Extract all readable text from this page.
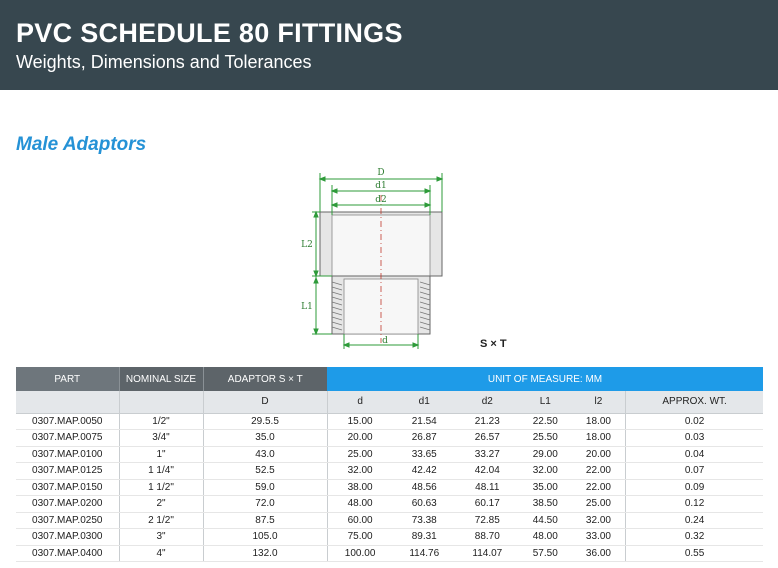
PVC SCHEDULE 80 FITTINGS
Weights, Dimensions and Tolerances
Male Adaptors
D
d1
d2
L2
L1
d	S × T
PART	NOMINAL SIZE	ADAPTOR S × T	UNIT OF MEASURE: MM					
		D	d	d1	d2	L1	l2	APPROX. WT.
0307.MAP.0050	1/2"	29.5.5	15.00	21.54	21.23	22.50	18.00	0.02
0307.MAP.0075	3/4"	35.0	20.00	26.87	26.57	25.50	18.00	0.03
0307.MAP.0100	1"	43.0	25.00	33.65	33.27	29.00	20.00	0.04
0307.MAP.0125	1 1/4"	52.5	32.00	42.42	42.04	32.00	22.00	0.07
0307.MAP.0150	1 1/2"	59.0	38.00	48.56	48.11	35.00	22.00	0.09
0307.MAP.0200	2"	72.0	48.00	60.63	60.17	38.50	25.00	0.12
0307.MAP.0250	2 1/2"	87.5	60.00	73.38	72.85	44.50	32.00	0.24
0307.MAP.0300	3"	105.0	75.00	89.31	88.70	48.00	33.00	0.32
0307.MAP.0400	4"	132.0	100.00	114.76	114.07	57.50	36.00	0.55
